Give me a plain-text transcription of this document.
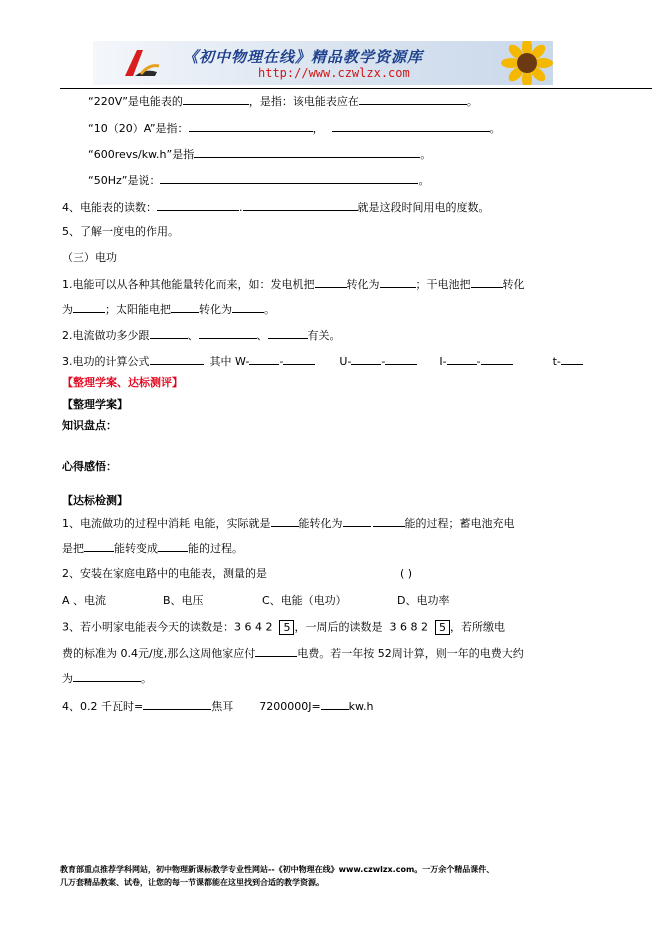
《初中物理在线》精品教学资源库
http://www.czwlzx.com
“220V”是电能表的	，是指：该电能表应在	。
“10（20）A”是指：	，	。
“600revs/kw.h”是指	。
“50Hz”是说：	。
4、电能表的读数：	.	就是这段时间用电的度数。
5、了解一度电的作用。
（三）电功
1.电能可以从各种其他能量转化而来，如：发电机把	转化为	；干电池把	转化
为	；太阳能电把	转化为	。
2.电流做功多少跟	、	、	有关。
3.电功的计算公式	其中 W-	-	U-	-	I-	-	t-
【整理学案、达标测评】
【整理学案】
知识盘点：
心得感悟：
【达标检测】
1、电流做功的过程中消耗 电能，实际就是	能转化为	能的过程；蓄电池充电
是把	能转变成	能的过程。
2、安装在家庭电路中的电能表，测量的是	( )
A 、电流	B、电压	C、电能（电功）	D、电功率
3、若小明家电能表今天的读数是：3 6 4 2 5 ，一周后的读数是 3 6 8 2 5 ，若所缴电
费的标准为 0.4元/度,那么这周他家应付	电费。若一年按 52周计算，则一年的电费大约
为	。
4、0.2 千瓦时=	焦耳 7200000J=	kw.h
教育部重点推荐学科网站，初中物理新课标教学专业性网站--《初中物理在线》www.czwlzx.com。一万余个精品课件、
几万套精品教案、试卷，让您的每一节课都能在这里找到合适的教学资源。
